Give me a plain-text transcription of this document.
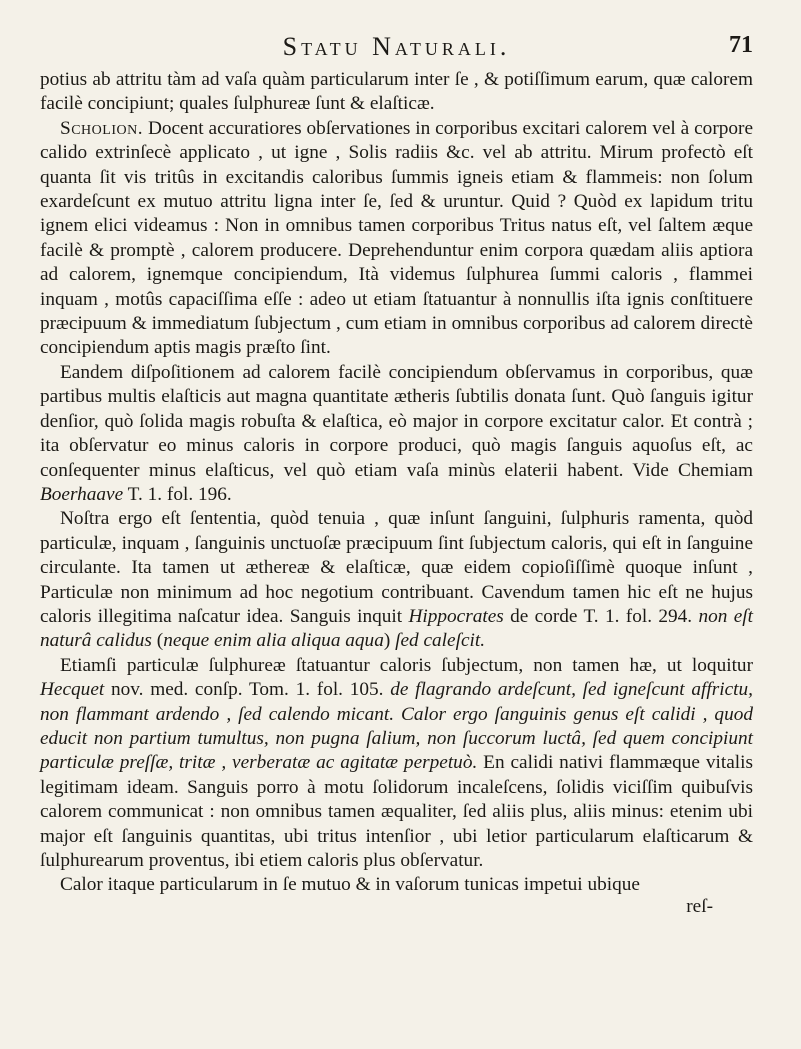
Statu Naturali.	71

potius ab attritu tàm ad vaſa quàm particularum inter ſe , & potiſſimum earum, quæ calorem facilè concipiunt; quales ſulphureæ ſunt & elaſticæ.

Scholion. Docent accuratiores obſervationes in corporibus excitari calorem vel à corpore calido extrinſecè applicato , ut igne , Solis radiis &c. vel ab attritu. Mirum profectò eſt quanta ſit vis tritûs in excitandis caloribus ſummis igneis etiam & flammeis: non ſolum exardeſcunt ex mutuo attritu ligna inter ſe, ſed & uruntur. Quid ? Quòd ex lapidum tritu ignem elici videamus : Non in omnibus tamen corporibus Tritus natus eſt, vel ſaltem æque facilè & promptè , calorem producere. Deprehenduntur enim corpora quædam aliis aptiora ad calorem, ignemque concipiendum, Ità videmus ſulphurea ſummi caloris , flammei inquam , motûs capaciſſima eſſe : adeo ut etiam ſtatuantur à nonnullis iſta ignis conſtituere præcipuum & immediatum ſubjectum , cum etiam in omnibus corporibus ad calorem directè concipiendum aptis magis præſto ſint.

Eandem diſpoſitionem ad calorem facilè concipiendum obſervamus in corporibus, quæ partibus multis elaſticis aut magna quantitate ætheris ſubtilis donata ſunt. Quò ſanguis igitur denſior, quò ſolida magis robuſta & elaſtica, eò major in corpore excitatur calor. Et contrà ; ita obſervatur eo minus caloris in corpore produci, quò magis ſanguis aquoſus eſt, ac conſequenter minus elaſticus, vel quò etiam vaſa minùs elaterii habent. Vide Chemiam Boerhaave T. 1. fol. 196.

Noſtra ergo eſt ſententia, quòd tenuia , quæ inſunt ſanguini, ſulphuris ramenta, quòd particulæ, inquam , ſanguinis unctuoſæ præcipuum ſint ſubjectum caloris, qui eſt in ſanguine circulante. Ita tamen ut æthereæ & elaſticæ, quæ eidem copioſiſſimè quoque inſunt , Particulæ non minimum ad hoc negotium contribuant. Cavendum tamen hic eſt ne hujus caloris illegitima naſcatur idea. Sanguis inquit Hippocrates de corde T. 1. fol. 294. non eſt naturâ calidus (neque enim alia aliqua aqua) ſed caleſcit.

Etiamſi particulæ ſulphureæ ſtatuantur caloris ſubjectum, non tamen hæ, ut loquitur Hecquet nov. med. conſp. Tom. 1. fol. 105. de flagrando ardeſcunt, ſed igneſcunt affrictu, non flammant ardendo , ſed calendo micant. Calor ergo ſanguinis genus eſt calidi , quod educit non partium tumultus, non pugna ſalium, non ſuccorum luctâ, ſed quem concipiunt particulæ preſſæ, tritæ , verberatæ ac agitatæ perpetuò. En calidi nativi flammæque vitalis legitimam ideam. Sanguis porro à motu ſolidorum incaleſcens, ſolidis viciſſim quibuſvis calorem communicat : non omnibus tamen æqualiter, ſed aliis plus, aliis minus: etenim ubi major eſt ſanguinis quantitas, ubi tritus intenſior , ubi letior particularum elaſticarum & ſulphurearum proventus, ibi etiem caloris plus obſervatur.

Calor itaque particularum in ſe mutuo & in vaſorum tunicas impetui ubique

reſ-
